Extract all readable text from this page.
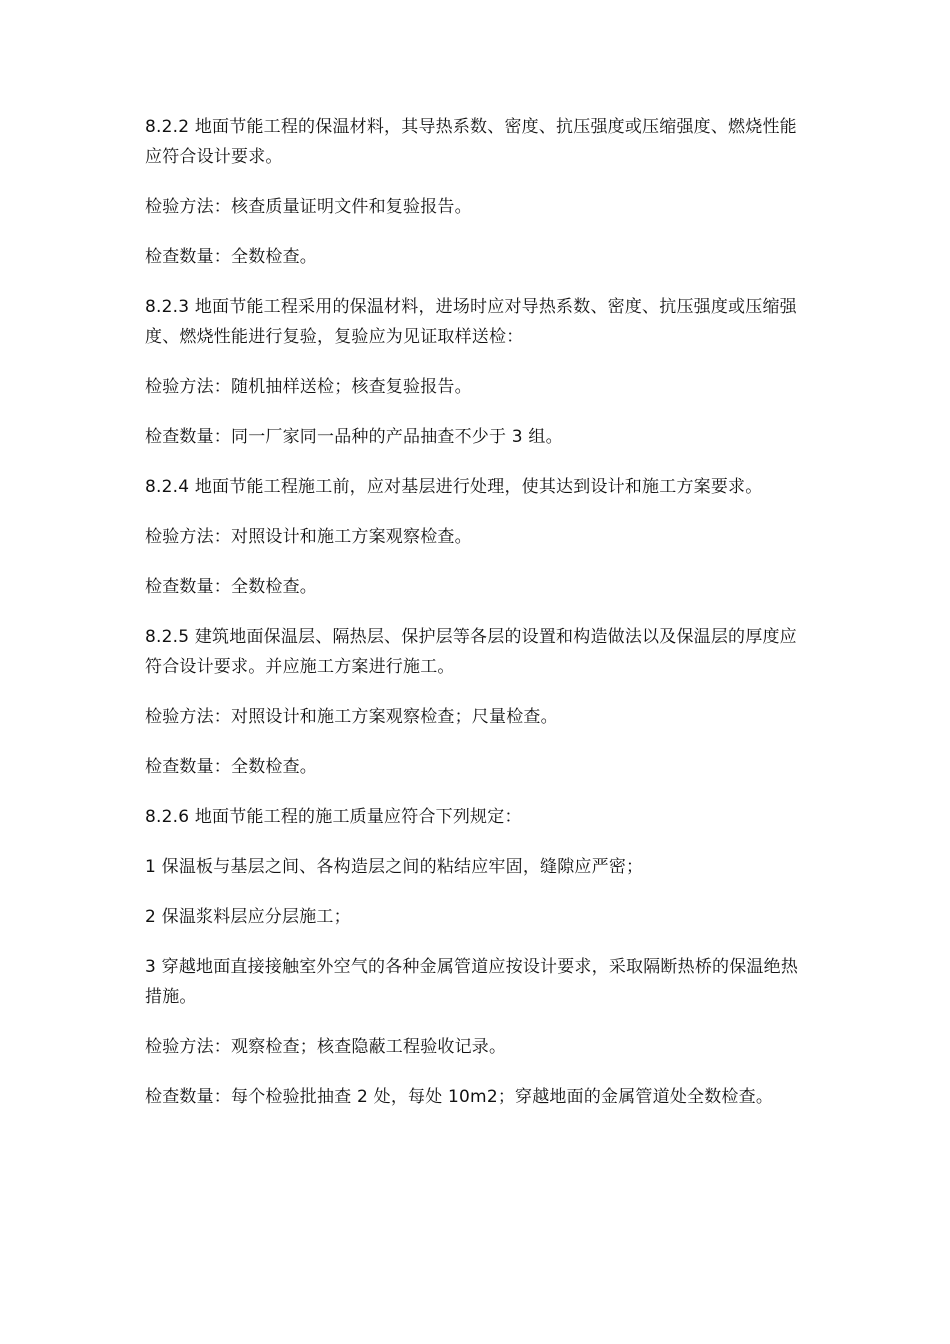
8.2.2 地面节能工程的保温材料，其导热系数、密度、抗压强度或压缩强度、燃烧性能应符合设计要求。

检验方法：核查质量证明文件和复验报告。

检查数量：全数检查。

8.2.3 地面节能工程采用的保温材料，进场时应对导热系数、密度、抗压强度或压缩强度、燃烧性能进行复验，复验应为见证取样送检：

检验方法：随机抽样送检；核查复验报告。

检查数量：同一厂家同一品种的产品抽查不少于 3 组。

8.2.4 地面节能工程施工前，应对基层进行处理，使其达到设计和施工方案要求。

检验方法：对照设计和施工方案观察检查。

检查数量：全数检查。

8.2.5 建筑地面保温层、隔热层、保护层等各层的设置和构造做法以及保温层的厚度应符合设计要求。并应施工方案进行施工。

检验方法：对照设计和施工方案观察检查；尺量检查。

检查数量：全数检查。

8.2.6 地面节能工程的施工质量应符合下列规定：

1 保温板与基层之间、各构造层之间的粘结应牢固，缝隙应严密；

2 保温浆料层应分层施工；

3 穿越地面直接接触室外空气的各种金属管道应按设计要求，采取隔断热桥的保温绝热措施。

检验方法：观察检查；核查隐蔽工程验收记录。

检查数量：每个检验批抽查 2 处，每处 10m2；穿越地面的金属管道处全数检查。
